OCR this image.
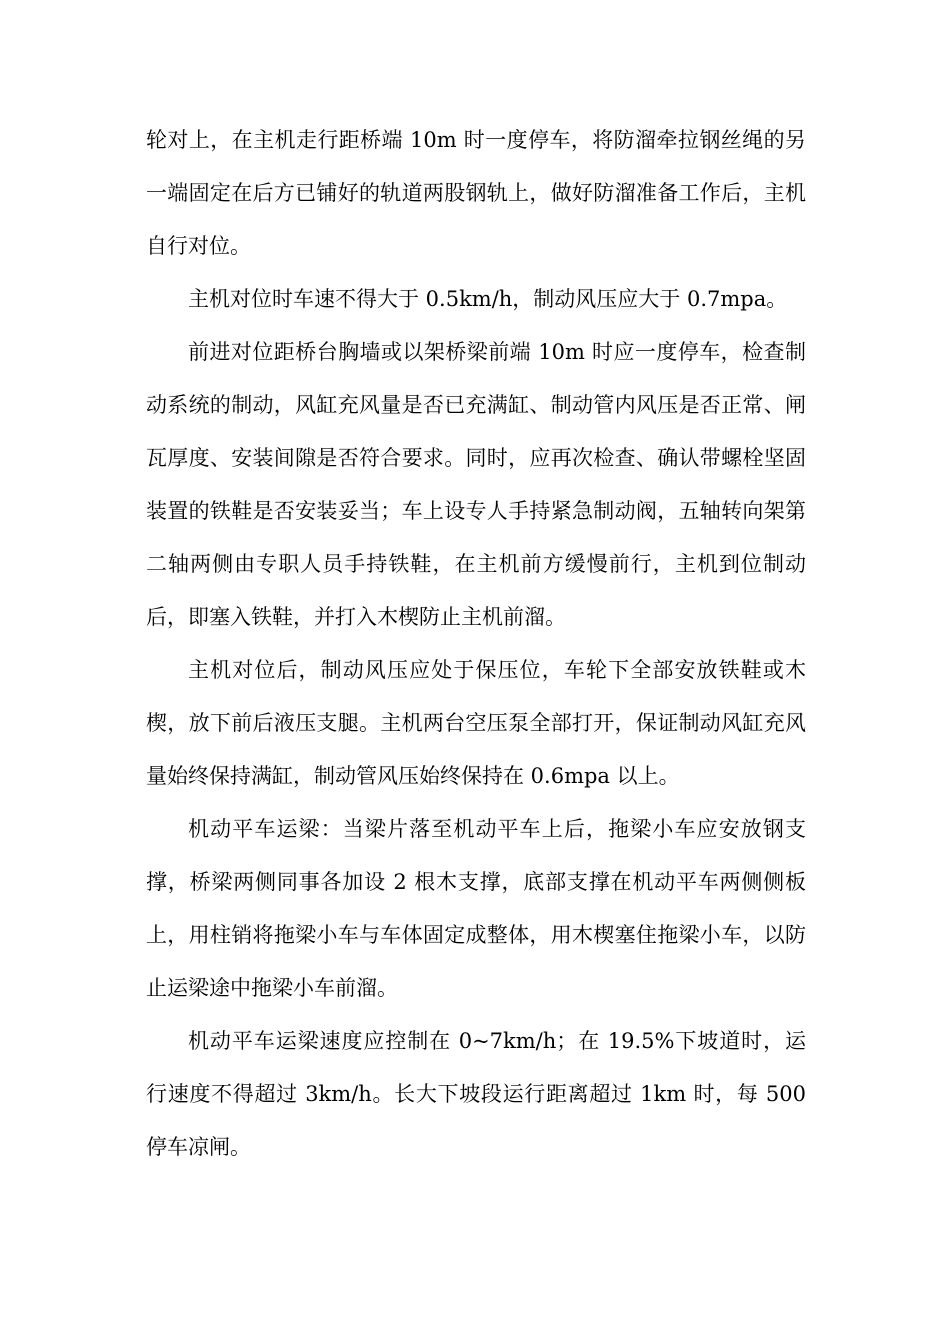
轮对上，在主机走行距桥端 10m 时一度停车，将防溜牵拉钢丝绳的另一端固定在后方已铺好的轨道两股钢轨上，做好防溜准备工作后，主机自行对位。

主机对位时车速不得大于 0.5km/h，制动风压应大于 0.7mpa。

前进对位距桥台胸墙或以架桥梁前端 10m 时应一度停车，检查制动系统的制动，风缸充风量是否已充满缸、制动管内风压是否正常、闸瓦厚度、安装间隙是否符合要求。同时，应再次检查、确认带螺栓坚固装置的铁鞋是否安装妥当；车上设专人手持紧急制动阀，五轴转向架第二轴两侧由专职人员手持铁鞋，在主机前方缓慢前行，主机到位制动后，即塞入铁鞋，并打入木楔防止主机前溜。

主机对位后，制动风压应处于保压位，车轮下全部安放铁鞋或木楔，放下前后液压支腿。主机两台空压泵全部打开，保证制动风缸充风量始终保持满缸，制动管风压始终保持在 0.6mpa 以上。

机动平车运梁：当梁片落至机动平车上后，拖梁小车应安放钢支撑，桥梁两侧同事各加设 2 根木支撑，底部支撑在机动平车两侧侧板上，用柱销将拖梁小车与车体固定成整体，用木楔塞住拖梁小车，以防止运梁途中拖梁小车前溜。

机动平车运梁速度应控制在 0~7km/h；在 19.5%下坡道时，运行速度不得超过 3km/h。长大下坡段运行距离超过 1km 时，每 500停车凉闸。
